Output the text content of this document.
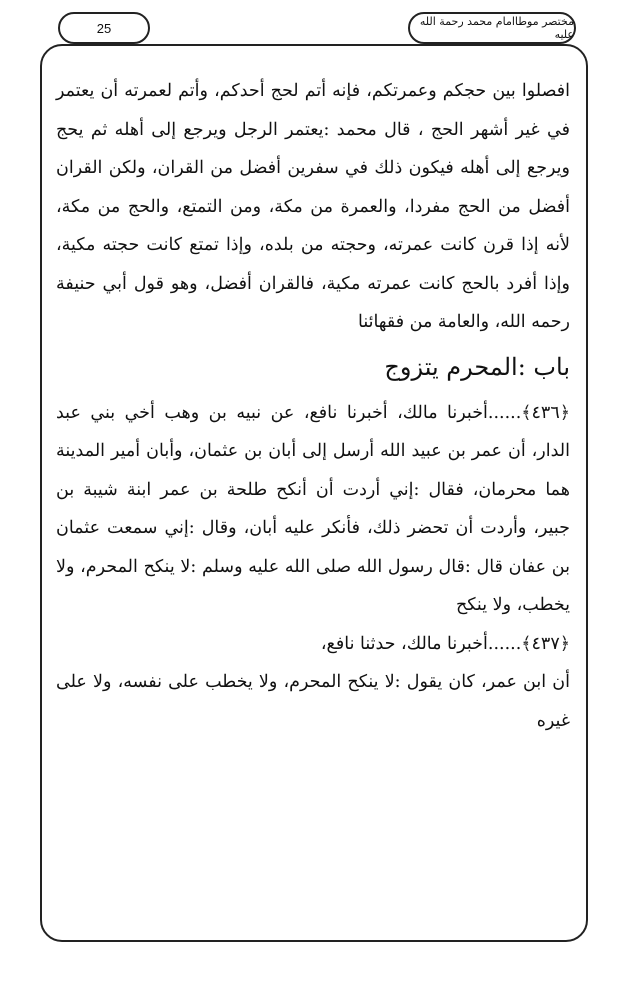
25	مختصر موطاامام محمد رحمة الله عليه

افصلوا بين حجكم وعمرتكم، فإنه أتم لحج أحدكم، وأتم لعمرته أن يعتمر في غير أشهر الحج ، قال محمد :يعتمر الرجل ويرجع إلى أهله ثم يحج ويرجع إلى أهله فيكون ذلك في سفرين أفضل من القران، ولكن القران أفضل من الحج مفردا، والعمرة من مكة، ومن التمتع، والحج من مكة، لأنه إذا قرن كانت عمرته، وحجته من بلده، وإذا تمتع كانت حجته مكية، وإذا أفرد بالحج كانت عمرته مكية، فالقران أفضل، وهو قول أبي حنيفة رحمه الله، والعامة من فقهائنا

باب :المحرم يتزوج

﴿٤٣٦﴾......أخبرنا مالك، أخبرنا نافع، عن نبيه بن وهب أخي بني عبد الدار، أن عمر بن عبيد الله أرسل إلى أبان بن عثمان، وأبان أمير المدينة هما محرمان، فقال :إني أردت أن أنكح طلحة بن عمر ابنة شيبة بن جبير، وأردت أن تحضر ذلك، فأنكر عليه أبان، وقال :إني سمعت عثمان بن عفان قال :قال رسول الله صلى الله عليه وسلم :لا ينكح المحرم، ولا يخطب، ولا ينكح

﴿٤٣٧﴾......أخبرنا مالك، حدثنا نافع،

أن ابن عمر، كان يقول :لا ينكح المحرم، ولا يخطب على نفسه، ولا على غيره
